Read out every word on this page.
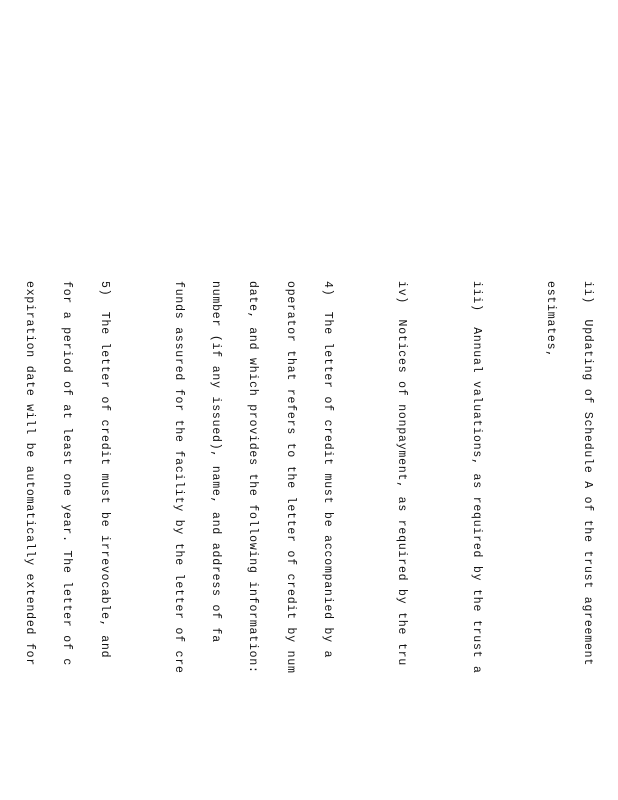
ii)  Updating of Schedule A of the trust agreement

estimates,

iii)  Annual valuations, as required by the trust a

iv)  Notices of nonpayment, as required by the tru

4)  The letter of credit must be accompanied by a

operator that refers to the letter of credit by num

date, and which provides the following information:

number (if any issued), name, and address of fa

funds assured for the facility by the letter of cre

5)  The letter of credit must be irrevocable, and

for a period of at least one year. The letter of c

expiration date will be automatically extended for
